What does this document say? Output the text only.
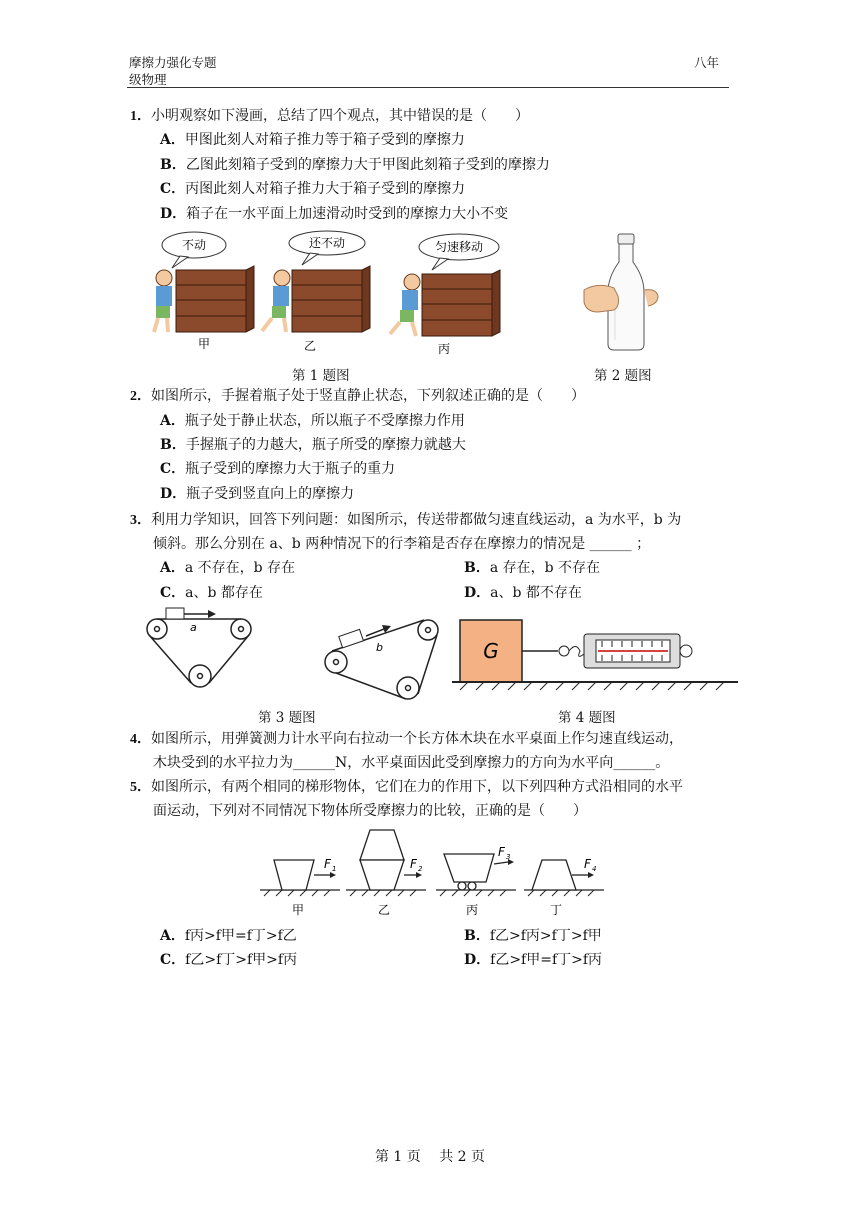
摩擦力强化专题
级物理
八年
1．小明观察如下漫画，总结了四个观点，其中错误的是（　　）
A．甲图此刻人对箱子推力等于箱子受到的摩擦力
B．乙图此刻箱子受到的摩擦力大于甲图此刻箱子受到的摩擦力
C．丙图此刻人对箱子推力大于箱子受到的摩擦力
D．箱子在一水平面上加速滑动时受到的摩擦力大小不变
不动	还不动	匀速移动
甲	乙	丙
第 1 题图	第 2 题图
2．如图所示，手握着瓶子处于竖直静止状态，下列叙述正确的是（　　）
A．瓶子处于静止状态，所以瓶子不受摩擦力作用
B．手握瓶子的力越大，瓶子所受的摩擦力就越大
C．瓶子受到的摩擦力大于瓶子的重力
D．瓶子受到竖直向上的摩擦力
3．利用力学知识，回答下列问题：如图所示，传送带都做匀速直线运动，a 为水平，b 为
倾斜。那么分别在 a、b 两种情况下的行李箱是否存在摩擦力的情况是 ______ ；
A．a 不存在，b 存在	B．a 存在，b 不存在
C．a、b 都存在	D．a、b 都不存在
a
b	G
第 3 题图	第 4 题图
4．如图所示，用弹簧测力计水平向右拉动一个长方体木块在水平桌面上作匀速直线运动，
木块受到的水平拉力为______N，水平桌面因此受到摩擦力的方向为水平向______。
5．如图所示，有两个相同的梯形物体，它们在力的作用下，以下列四种方式沿相同的水平
面运动，下列对不同情况下物体所受摩擦力的比较，正确的是（　　）
F 1	F 2
F 3	F 4
甲	乙	丙	丁
A．f丙>f甲=f丁>f乙	B．f乙>f丙>f丁>f甲
C．f乙>f丁>f甲>f丙	D．f乙>f甲=f丁>f丙
第 1 页　 共 2 页
